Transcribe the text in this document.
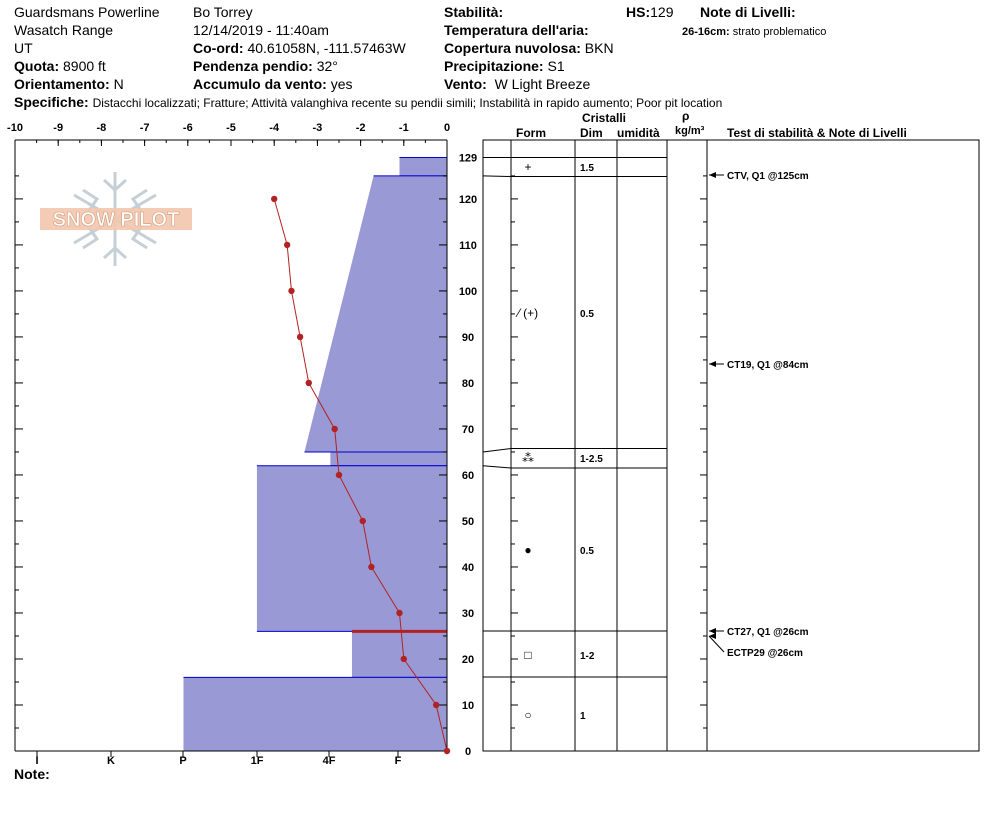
Guardsmans Powerline
Wasatch Range
UT
Quota: 8900 ft
Orientamento: N
Bo Torrey
12/14/2019 - 11:40am
Co-ord: 40.61058N, -111.57463W
Pendenza pendio: 32°
Accumulo da vento: yes
Stabilità:
Temperatura dell'aria:
Copertura nuvolosa: BKN
Precipitazione: S1
Vento: W Light Breeze
HS:129 Note di Livelli:
26-16cm: strato problematico
Specifiche: Distacchi localizzati; Fratture; Attività valanghiva recente su pendii simili; Instabilità in rapido aumento; Poor pit location
Note:
Cristalli
Form	Dim umidità
ρ
kg/m³ Test di stabilità & Note di Livelli
SNOW PILOT
-10	-9	-8	-7	-6	-5	-4	-3	-2	-1	0
129
120
110
100
90
80
70
60
50
40
30
20
10
0
I	K	P	1F	4F	F
+	1.5
⁄ (+)	0.5
⁂	1-2.5
●	0.5
□	1-2
○	1
CTV, Q1 @125cm
CT19, Q1 @84cm
CT27, Q1 @26cm
ECTP29 @26cm
